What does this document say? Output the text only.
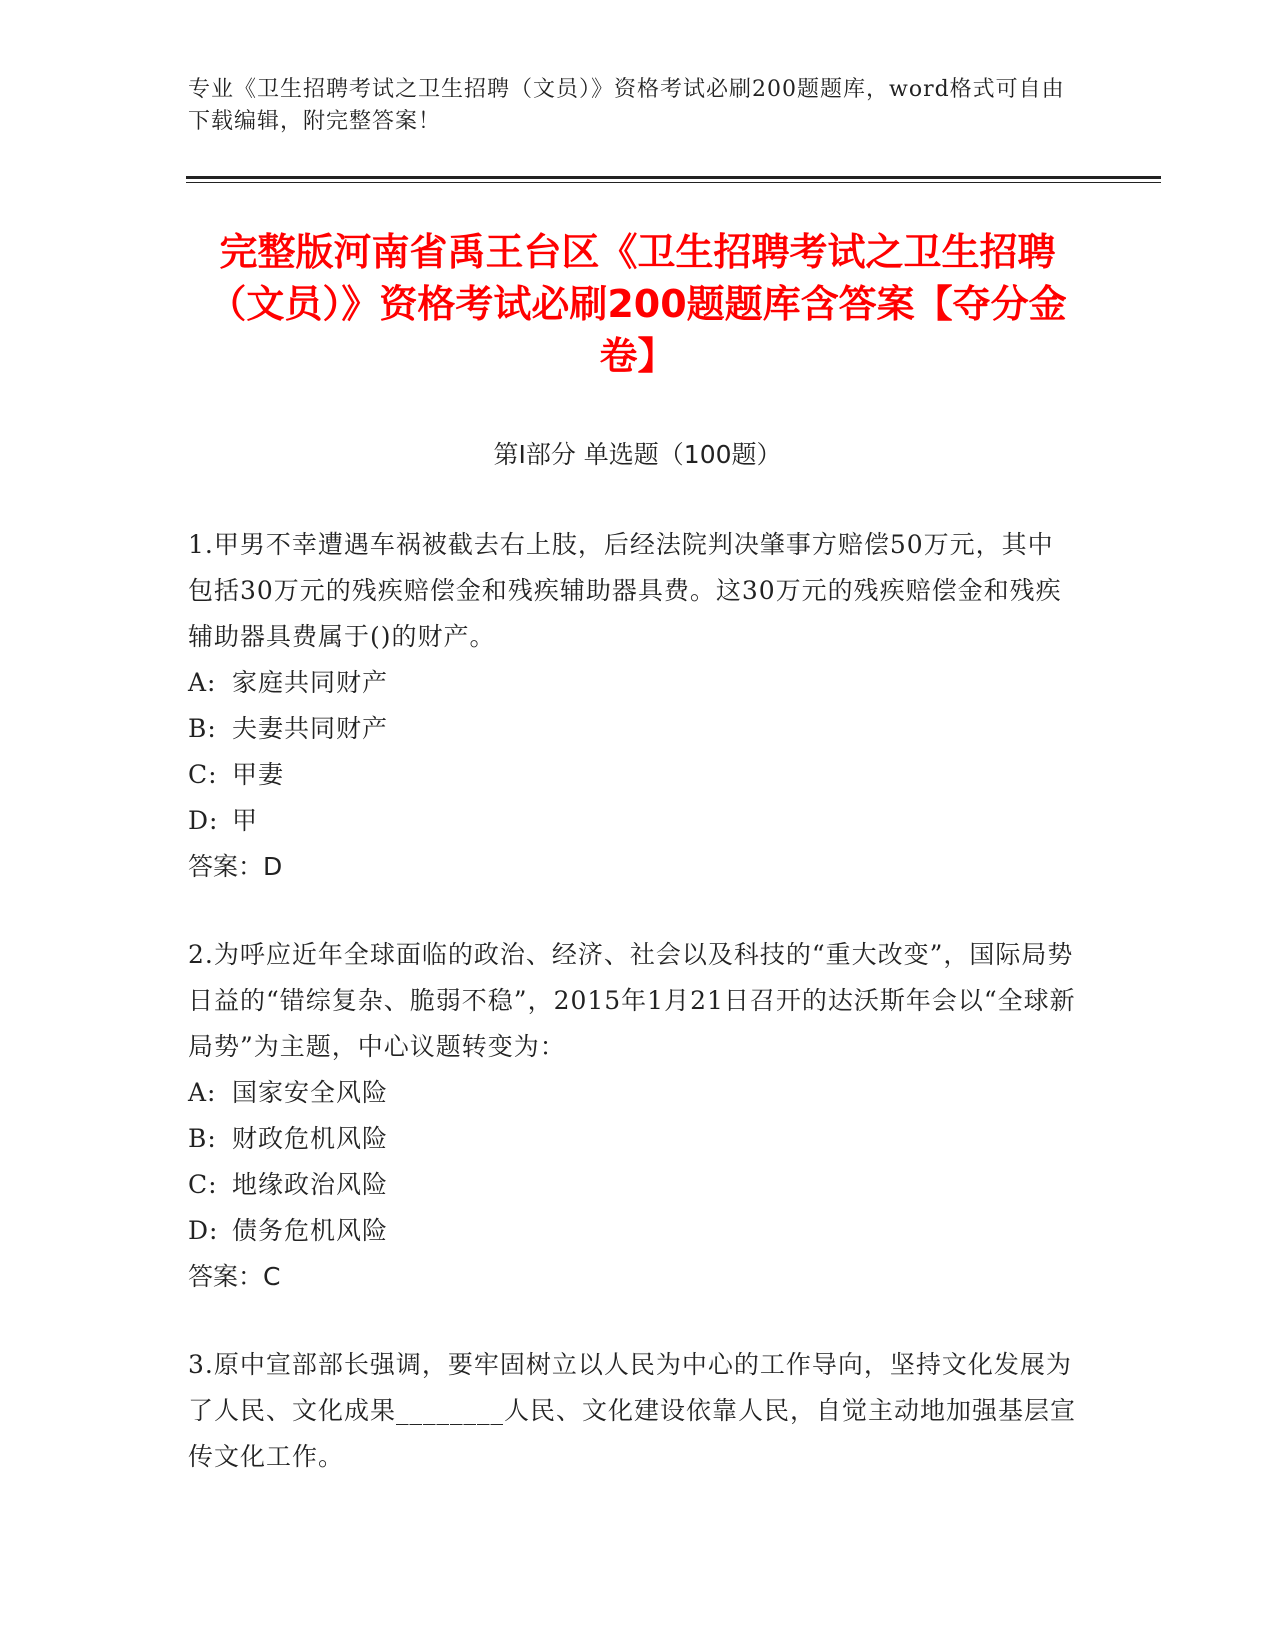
专业《卫生招聘考试之卫生招聘（文员）》资格考试必刷200题题库，word格式可自由下载编辑，附完整答案！
完整版河南省禹王台区《卫生招聘考试之卫生招聘（文员）》资格考试必刷200题题库含答案【夺分金卷】
第Ⅰ部分 单选题（100题）
1.甲男不幸遭遇车祸被截去右上肢，后经法院判决肇事方赔偿50万元，其中包括30万元的残疾赔偿金和残疾辅助器具费。这30万元的残疾赔偿金和残疾辅助器具费属于()的财产。
A: 家庭共同财产
B: 夫妻共同财产
C: 甲妻
D: 甲
答案：D
2.为呼应近年全球面临的政治、经济、社会以及科技的“重大改变”，国际局势日益的“错综复杂、脆弱不稳”，2015年1月21日召开的达沃斯年会以“全球新局势”为主题，中心议题转变为：
A: 国家安全风险
B: 财政危机风险
C: 地缘政治风险
D: 债务危机风险
答案：C
3.原中宣部部长强调，要牢固树立以人民为中心的工作导向，坚持文化发展为了人民、文化成果________人民、文化建设依靠人民，自觉主动地加强基层宣传文化工作。
